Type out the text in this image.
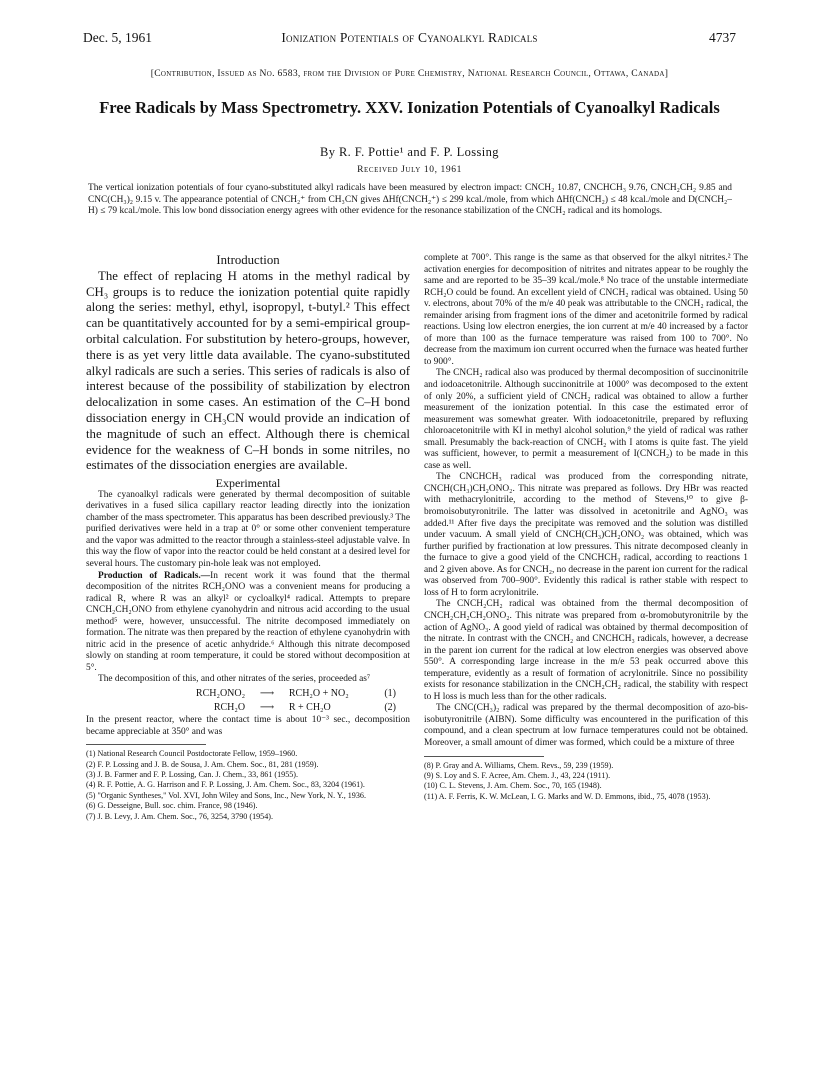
Dec. 5, 1961	Ionization Potentials of Cyanoalkyl Radicals	4737
[Contribution, Issued as No. 6583, from the Division of Pure Chemistry, National Research Council, Ottawa, Canada]
Free Radicals by Mass Spectrometry. XXV. Ionization Potentials of Cyanoalkyl Radicals
By R. F. Pottie¹ and F. P. Lossing
Received July 10, 1961
The vertical ionization potentials of four cyano-substituted alkyl radicals have been measured by electron impact: CNCH₂ 10.87, CNCHCH₃ 9.76, CNCH₂CH₂ 9.85 and CNC(CH₃)₂ 9.15 v. The appearance potential of CNCH₂⁺ from CH₃CN gives ΔHf(CNCH₂⁺) ≤ 299 kcal./mole, from which ΔHf(CNCH₂) ≤ 48 kcal./mole and D(CNCH₂–H) ≤ 79 kcal./mole. This low bond dissociation energy agrees with other evidence for the resonance stabilization of the CNCH₂ radical and its homologs.

Introduction

The effect of replacing H atoms in the methyl radical by CH₃ groups is to reduce the ionization potential quite rapidly along the series: methyl, ethyl, isopropyl, t-butyl.² This effect can be quantitatively accounted for by a semi-empirical group-orbital calculation. For substitution by hetero-groups, however, there is as yet very little data available. The cyano-substituted alkyl radicals are such a series. This series of radicals is also of interest because of the possibility of stabilization by electron delocalization in some cases. An estimation of the C–H bond dissociation energy in CH₃CN would provide an indication of the magnitude of such an effect. Although there is chemical evidence for the weakness of C–H bonds in some nitriles, no estimates of the dissociation energies are available.

Experimental

The cyanoalkyl radicals were generated by thermal decomposition of suitable derivatives in a fused silica capillary reactor leading directly into the ionization chamber of the mass spectrometer. This apparatus has been described previously.³ The purified derivatives were held in a trap at 0° or some other convenient temperature and the vapor was admitted to the reactor through a stainless-steel adjustable valve. In this way the flow of vapor into the reactor could be held constant at a desired level for several hours. The customary pin-hole leak was not employed.

Production of Radicals.—In recent work it was found that the thermal decomposition of the nitrites RCH₂ONO was a convenient means for producing a radical R, where R was an alkyl² or cycloalkyl⁴ radical. Attempts to prepare CNCH₂CH₂ONO from ethylene cyanohydrin and nitrous acid according to the usual method⁵ were, however, unsuccessful. The nitrite decomposed immediately on formation. The nitrate was then prepared by the reaction of ethylene cyanohydrin with nitric acid in the presence of acetic anhydride.⁶ Although this nitrate decomposed slowly on standing at room temperature, it could be stored without decomposition at 5°.

The decomposition of this, and other nitrates of the series, proceeded as⁷

RCH₂ONO₂	⟶	RCH₂O + NO₂	(1)
RCH₂O	⟶	R + CH₂O	(2)

In the present reactor, where the contact time is about 10⁻³ sec., decomposition became appreciable at 350° and was

(1) National Research Council Postdoctorate Fellow, 1959–1960.
(2) F. P. Lossing and J. B. de Sousa, J. Am. Chem. Soc., 81, 281 (1959).
(3) J. B. Farmer and F. P. Lossing, Can. J. Chem., 33, 861 (1955).
(4) R. F. Pottie, A. G. Harrison and F. P. Lossing, J. Am. Chem. Soc., 83, 3204 (1961).
(5) "Organic Syntheses," Vol. XVI, John Wiley and Sons, Inc., New York, N. Y., 1936.
(6) G. Desseigne, Bull. soc. chim. France, 98 (1946).
(7) J. B. Levy, J. Am. Chem. Soc., 76, 3254, 3790 (1954).

complete at 700°. This range is the same as that observed for the alkyl nitrites.² The activation energies for decomposition of nitrites and nitrates appear to be roughly the same and are reported to be 35–39 kcal./mole.⁸ No trace of the unstable intermediate RCH₂O could be found. An excellent yield of CNCH₂ radical was obtained. Using 50 v. electrons, about 70% of the m/e 40 peak was attributable to the CNCH₂ radical, the remainder arising from fragment ions of the dimer and acetonitrile formed by radical reactions. Using low electron energies, the ion current at m/e 40 increased by a factor of more than 100 as the furnace temperature was raised from 100 to 700°. No decrease from the maximum ion current occurred when the furnace was heated further to 900°.

The CNCH₂ radical also was produced by thermal decomposition of succinonitrile and iodoacetonitrile. Although succinonitrile at 1000° was decomposed to the extent of only 20%, a sufficient yield of CNCH₂ radical was obtained to allow a further measurement of the ionization potential. In this case the estimated error of measurement was somewhat greater. With iodoacetonitrile, prepared by refluxing chloroacetonitrile with KI in methyl alcohol solution,⁹ the yield of radical was rather small. Presumably the back-reaction of CNCH₂ with I atoms is quite fast. The yield was sufficient, however, to permit a measurement of I(CNCH₂) to be made in this case as well.

The CNCHCH₃ radical was produced from the corresponding nitrate, CNCH(CH₃)CH₂ONO₂. This nitrate was prepared as follows. Dry HBr was reacted with methacrylonitrile, according to the method of Stevens,¹⁰ to give β-bromoisobutyronitrile. The latter was dissolved in acetonitrile and AgNO₃ was added.¹¹ After five days the precipitate was removed and the solution was distilled under vacuum. A small yield of CNCH(CH₃)CH₂ONO₂ was obtained, which was further purified by fractionation at low pressures. This nitrate decomposed cleanly in the furnace to give a good yield of the CNCHCH₃ radical, according to reactions 1 and 2 given above. As for CNCH₂, no decrease in the parent ion current for the radical was observed from 700–900°. Evidently this radical is rather stable with respect to loss of H to form acrylonitrile.

The CNCH₂CH₂ radical was obtained from the thermal decomposition of CNCH₂CH₂CH₂ONO₂. This nitrate was prepared from α-bromobutyronitrile by the action of AgNO₃. A good yield of radical was obtained by thermal decomposition of the nitrate. In contrast with the CNCH₂ and CNCHCH₃ radicals, however, a decrease in the parent ion current for the radical at low electron energies was observed above 550°. A corresponding large increase in the m/e 53 peak occurred above this temperature, evidently as a result of formation of acrylonitrile. Since no possibility exists for resonance stabilization in the CNCH₂CH₂ radical, the stability with respect to H loss is much less than for the other radicals.

The CNC(CH₃)₂ radical was prepared by the thermal decomposition of azo-bis-isobutyronitrile (AIBN). Some difficulty was encountered in the purification of this compound, and a clean spectrum at low furnace temperatures could not be obtained. Moreover, a small amount of dimer was formed, which could be a mixture of three

(8) P. Gray and A. Williams, Chem. Revs., 59, 239 (1959).
(9) S. Loy and S. F. Acree, Am. Chem. J., 43, 224 (1911).
(10) C. L. Stevens, J. Am. Chem. Soc., 70, 165 (1948).
(11) A. F. Ferris, K. W. McLean, I. G. Marks and W. D. Emmons, ibid., 75, 4078 (1953).
